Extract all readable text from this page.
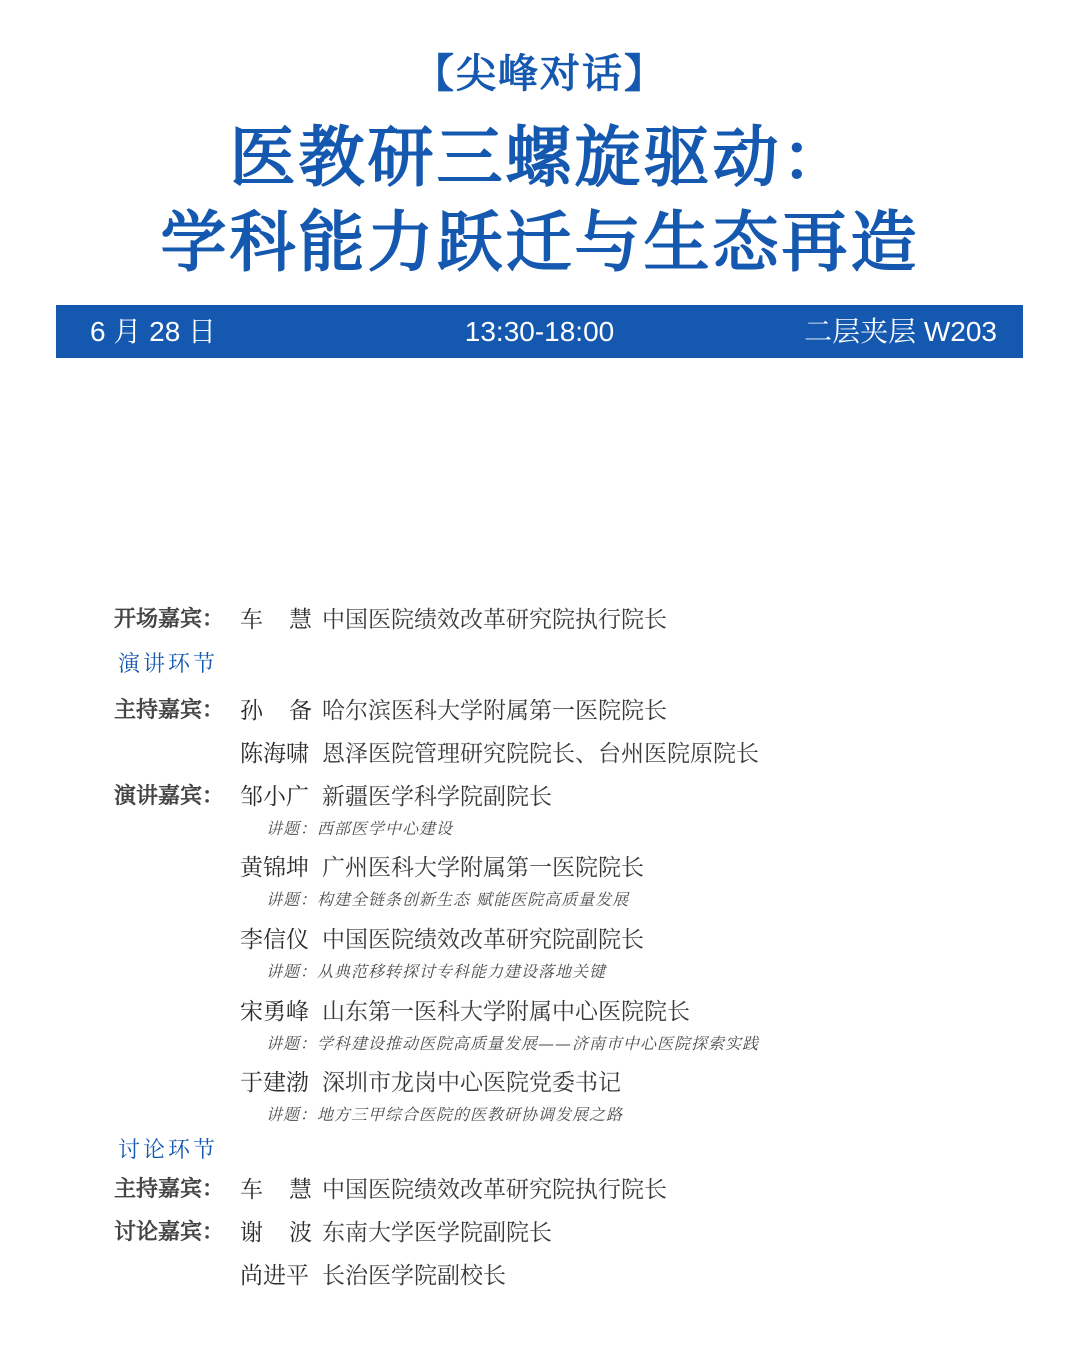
【尖峰对话】
医教研三螺旋驱动：
学科能力跃迁与生态再造
13:30-18:00
6 月 28 日	二层夹层 W203
开场嘉宾： 车 慧 中国医院绩效改革研究院执行院长
演讲环节
主持嘉宾： 孙 备 哈尔滨医科大学附属第一医院院长
陈海啸 恩泽医院管理研究院院长、台州医院原院长
演讲嘉宾： 邹小广 新疆医学科学院副院长
讲题：西部医学中心建设
黄锦坤 广州医科大学附属第一医院院长
讲题：构建全链条创新生态 赋能医院高质量发展
李信仪 中国医院绩效改革研究院副院长
讲题：从典范移转探讨专科能力建设落地关键
宋勇峰 山东第一医科大学附属中心医院院长
讲题：学科建设推动医院高质量发展——济南市中心医院探索实践
于建渤 深圳市龙岗中心医院党委书记
讲题：地方三甲综合医院的医教研协调发展之路
讨论环节
主持嘉宾： 车 慧 中国医院绩效改革研究院执行院长
讨论嘉宾： 谢 波 东南大学医学院副院长
尚进平 长治医学院副校长
